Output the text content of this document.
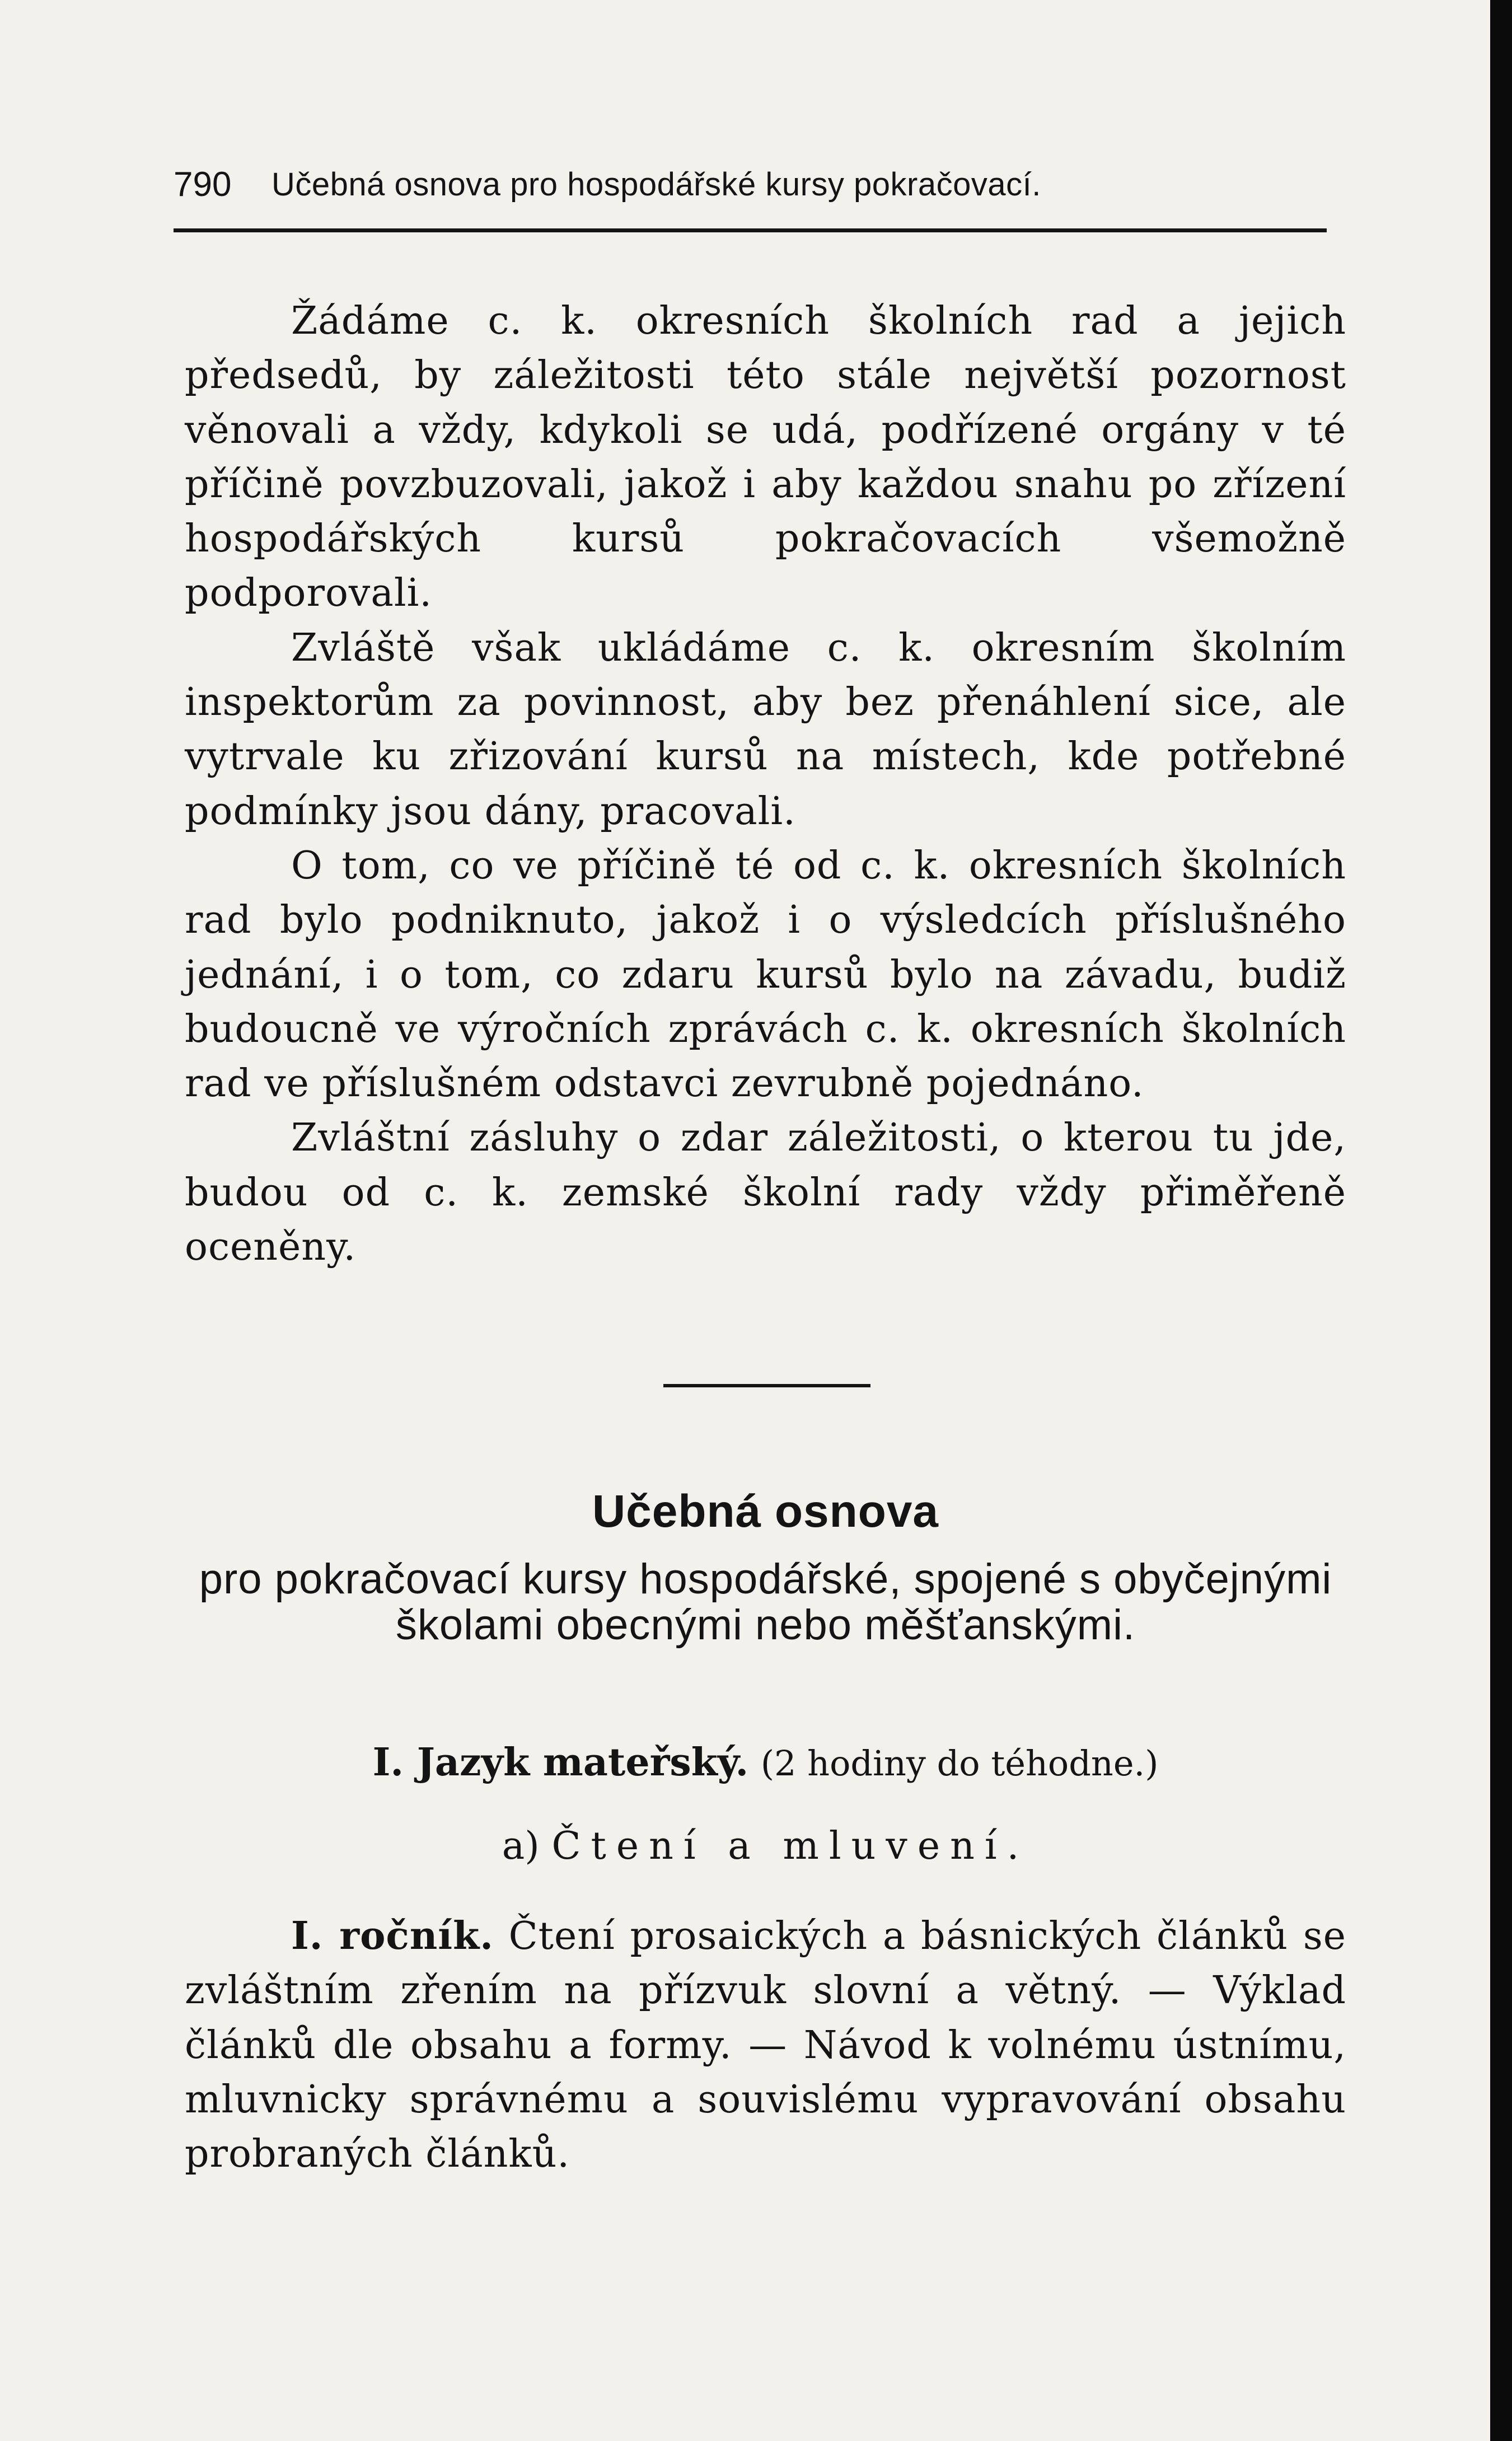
790 Učebná osnova pro hospodářské kursy pokračovací.

Žádáme c. k. okresních školních rad a jejich předsedů, by záležitosti této stále největší pozornost věnovali a vždy, kdykoli se udá, podřízené orgány v té příčině povzbuzovali, jakož i aby každou snahu po zřízení hospodářských kursů pokračovacích všemožně podporovali.

Zvláště však ukládáme c. k. okresním školním inspektorům za povinnost, aby bez přenáhlení sice, ale vytrvale ku zřizování kursů na místech, kde potřebné podmínky jsou dány, pracovali.

O tom, co ve příčině té od c. k. okresních školních rad bylo podniknuto, jakož i o výsledcích příslušného jednání, i o tom, co zdaru kursů bylo na závadu, budiž budoucně ve výročních zprávách c. k. okresních školních rad ve příslušném odstavci zevrubně pojednáno.

Zvláštní zásluhy o zdar záležitosti, o kterou tu jde, budou od c. k. zemské školní rady vždy přiměřeně oceněny.

Učebná osnova
pro pokračovací kursy hospodářské, spojené s obyčejnými školami obecnými nebo měšťanskými.
I. Jazyk mateřský. (2 hodiny do téhodne.)
a) Čtení a mluvení.

I. ročník. Čtení prosaických a básnických článků se zvláštním zřením na přízvuk slovní a větný. — Výklad článků dle obsahu a formy. — Návod k volnému ústnímu, mluvnicky správnému a souvislému vypravování obsahu probraných článků.
